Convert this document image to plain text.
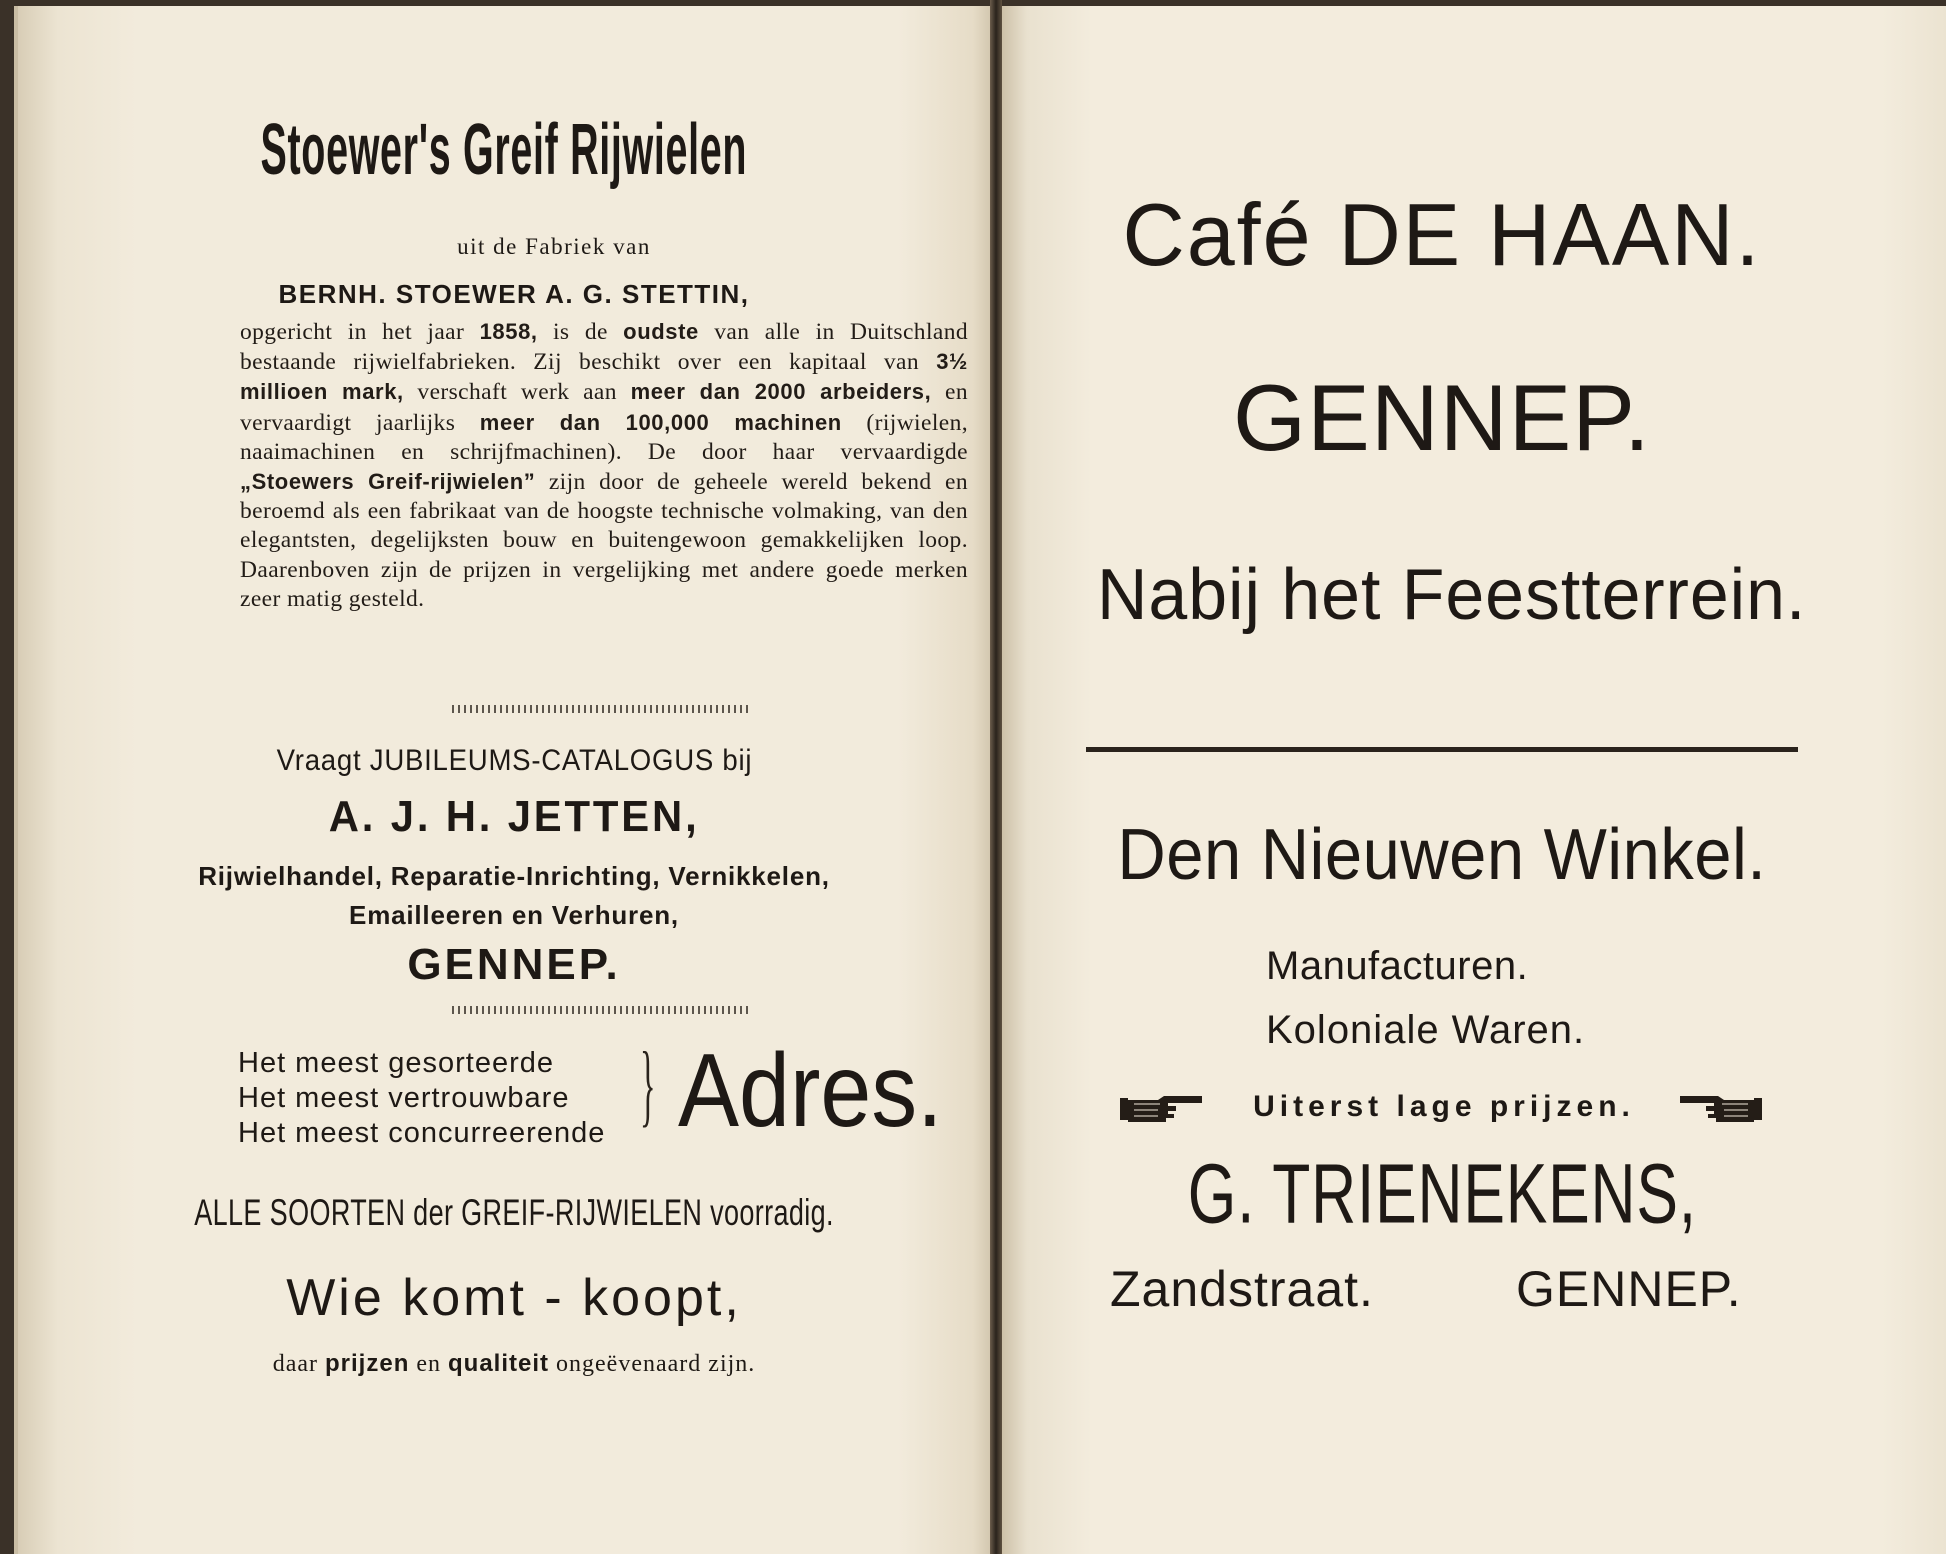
Stoewer's Greif Rijwielen
uit de Fabriek van
BERNH. STOEWER A. G. STETTIN,

opgericht in het jaar 1858, is de oudste van alle in Duitschland bestaande rijwielfabrieken. Zij beschikt over een kapitaal van 3½ millioen mark, verschaft werk aan meer dan 2000 arbeiders, en vervaardigt jaarlijks meer dan 100,000 machinen (rijwielen, naaimachinen en schrijfmachinen). De door haar vervaardigde „Stoewers Greif-rijwielen” zijn door de geheele wereld bekend en beroemd als een fabrikaat van de hoogste technische volmaking, van den elegantsten, degelijksten bouw en buitengewoon gemakkelijken loop. Daarenboven zijn de prijzen in vergelijking met andere goede merken zeer matig gesteld.

Vraagt JUBILEUMS-CATALOGUS bij
A. J. H. JETTEN,
Rijwielhandel, Reparatie-Inrichting, Vernikkelen,
Emailleeren en Verhuren,
GENNEP.
Het meest gesorteerde
Het meest vertrouwbare
Het meest concurreerende } Adres.
ALLE SOORTEN der GREIF-RIJWIELEN voorradig.
Wie komt - koopt,
daar prijzen en qualiteit ongeëvenaard zijn.
Café DE HAAN.
GENNEP.
Nabij het Feestterrein.
Den Nieuwen Winkel.
Manufacturen.
Koloniale Waren.
Uiterst lage prijzen.
G. TRIENEKENS,
Zandstraat.	GENNEP.
